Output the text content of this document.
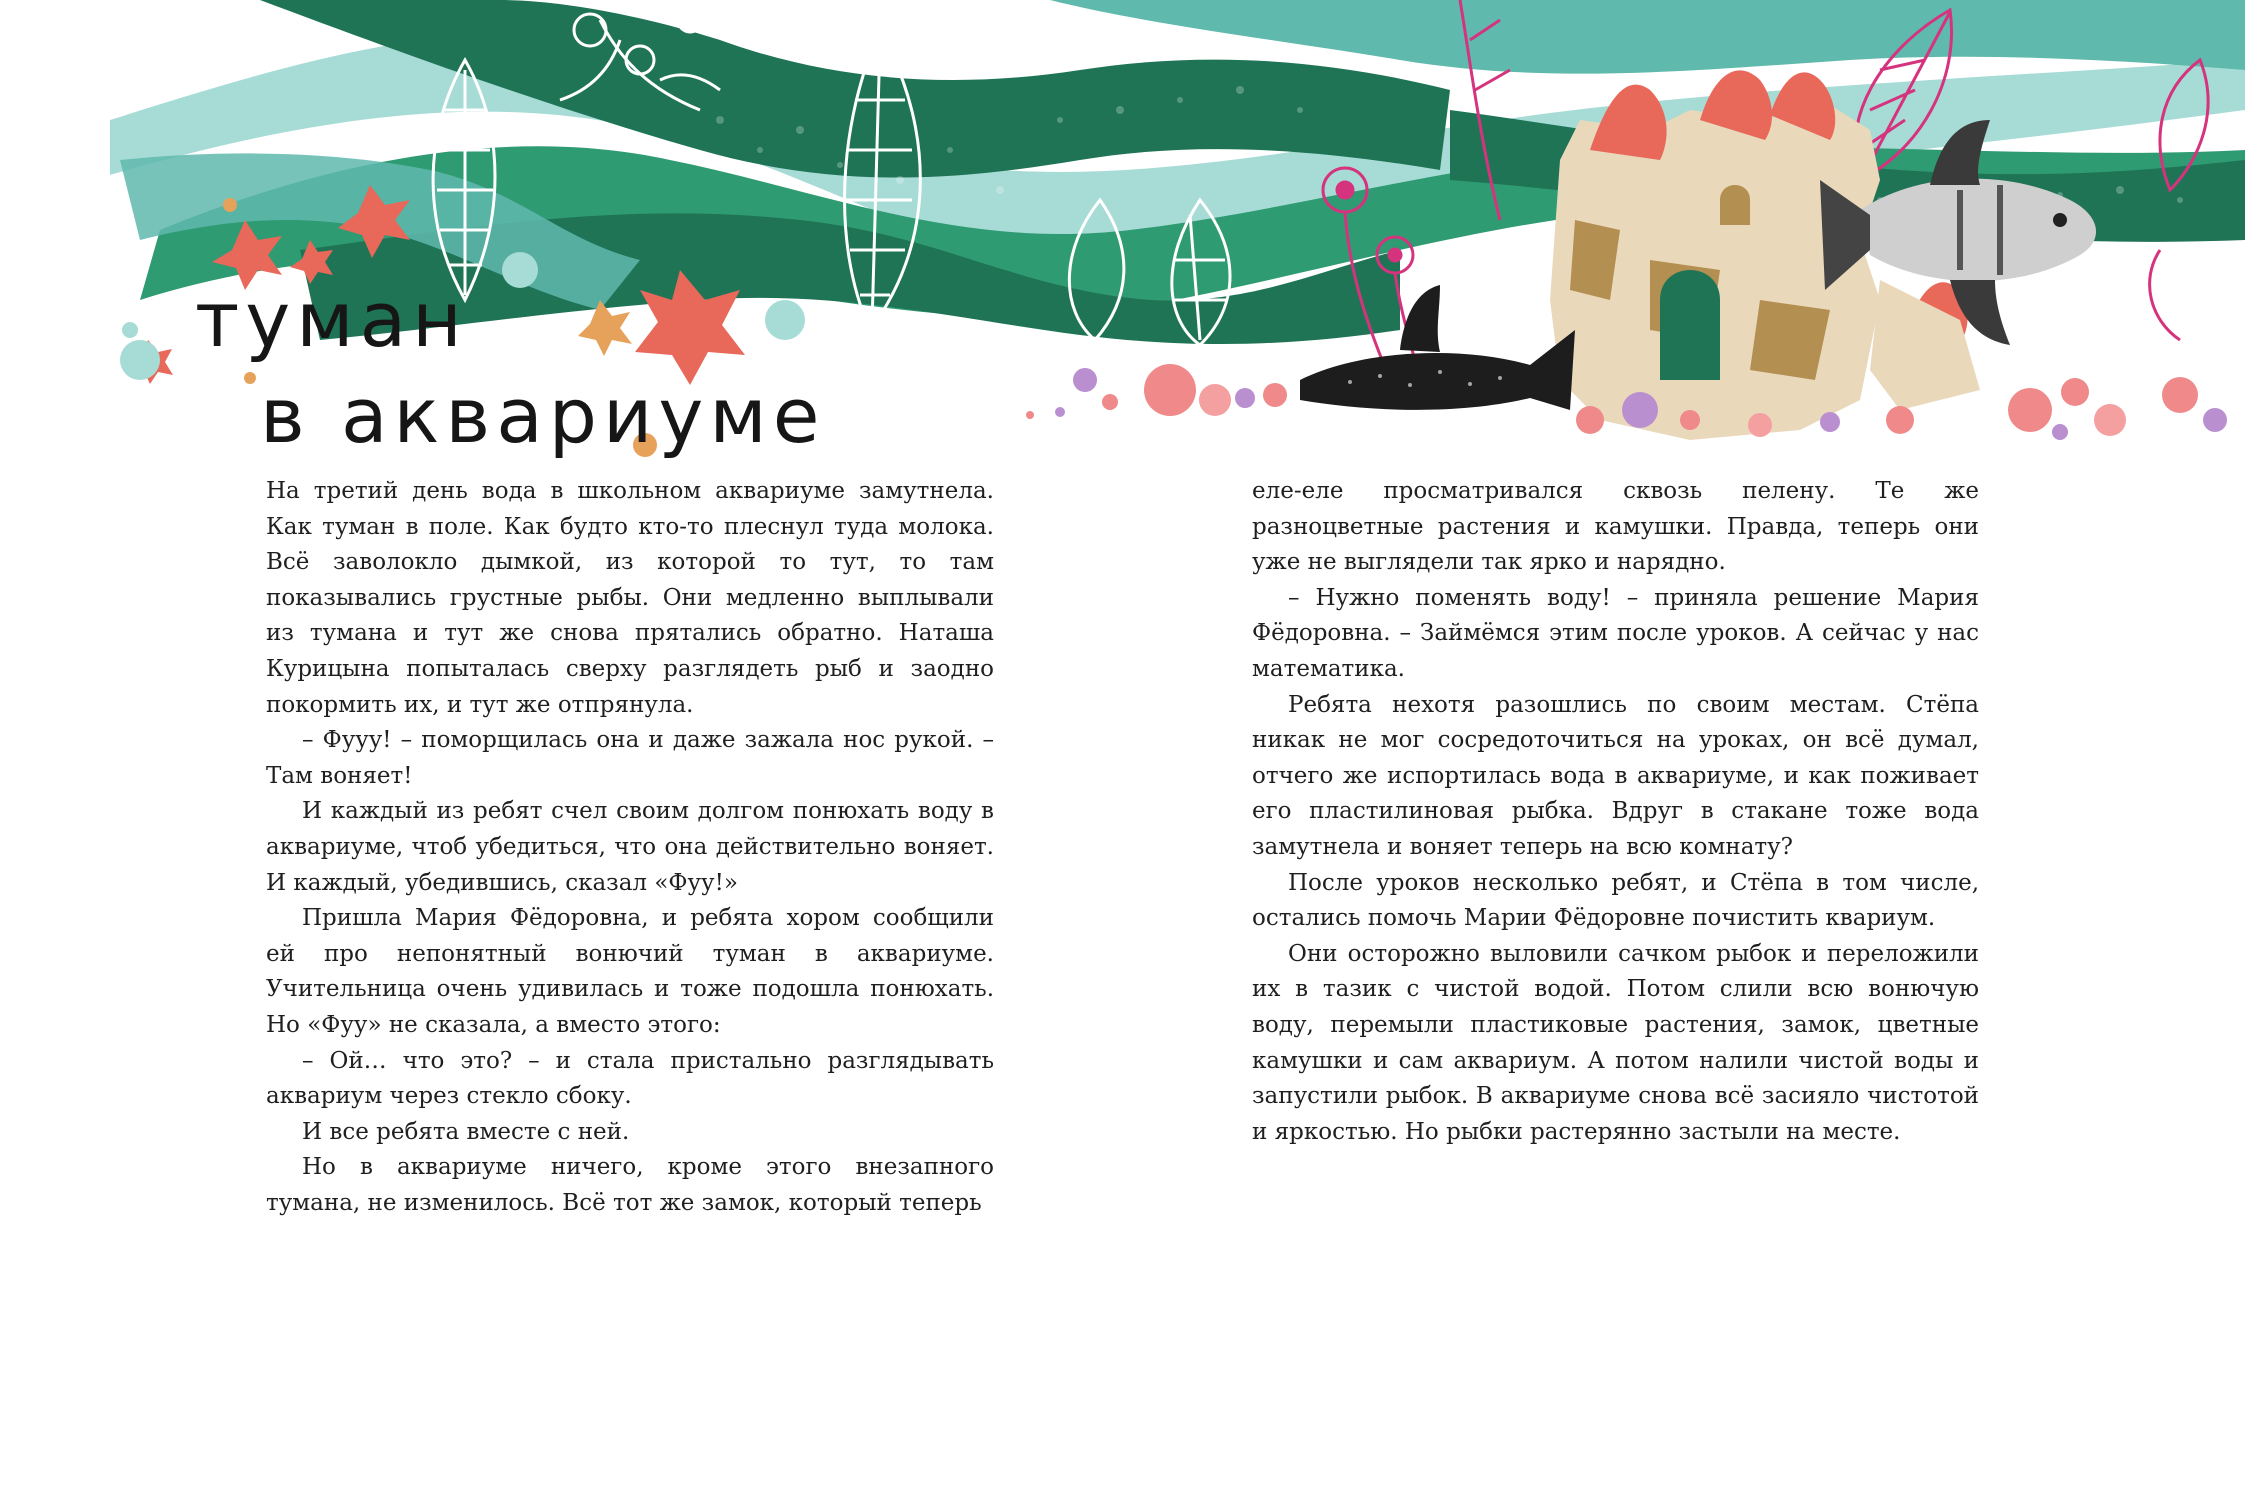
туман
в аквариуме

На третий день вода в школьном аквариуме замутнела. Как туман в поле. Как будто кто-то плеснул туда молока. Всё заволокло дымкой, из которой то тут, то там показывались грустные рыбы. Они медленно выплывали из тумана и тут же снова прятались обратно. Наташа Курицына попыталась сверху разглядеть рыб и заодно покормить их, и тут же отпрянула.

– Фууу! – поморщилась она и даже зажала нос рукой. – Там воняет!

И каждый из ребят счел своим долгом понюхать воду в аквариуме, чтоб убедиться, что она действительно воняет. И каждый, убедившись, сказал «Фуу!»

Пришла Мария Фёдоровна, и ребята хором сообщили ей про непонятный вонючий туман в аквариуме. Учительница очень удивилась и тоже подошла понюхать. Но «Фуу» не сказала, а вместо этого:

– Ой… что это? – и стала пристально разглядывать аквариум через стекло сбоку.

И все ребята вместе с ней.

Но в аквариуме ничего, кроме этого внезапного тумана, не изменилось. Всё тот же замок, который теперь

еле-еле просматривался сквозь пелену. Те же разноцветные растения и камушки. Правда, теперь они уже не выглядели так ярко и нарядно.

– Нужно поменять воду! – приняла решение Мария Фёдоровна. – Займёмся этим после уроков. А сейчас у нас математика.

Ребята нехотя разошлись по своим местам. Стёпа никак не мог сосредоточиться на уроках, он всё думал, отчего же испортилась вода в аквариуме, и как поживает его пластилиновая рыбка. Вдруг в стакане тоже вода замутнела и воняет теперь на всю комнату?

После уроков несколько ребят, и Стёпа в том числе, остались помочь Марии Фёдоровне почистить квариум.

Они осторожно выловили сачком рыбок и переложили их в тазик с чистой водой. Потом слили всю вонючую воду, перемыли пластиковые растения, замок, цветные камушки и сам аквариум. А потом налили чистой воды и запустили рыбок. В аквариуме снова всё засияло чистотой и яркостью. Но рыбки растерянно застыли на месте.
